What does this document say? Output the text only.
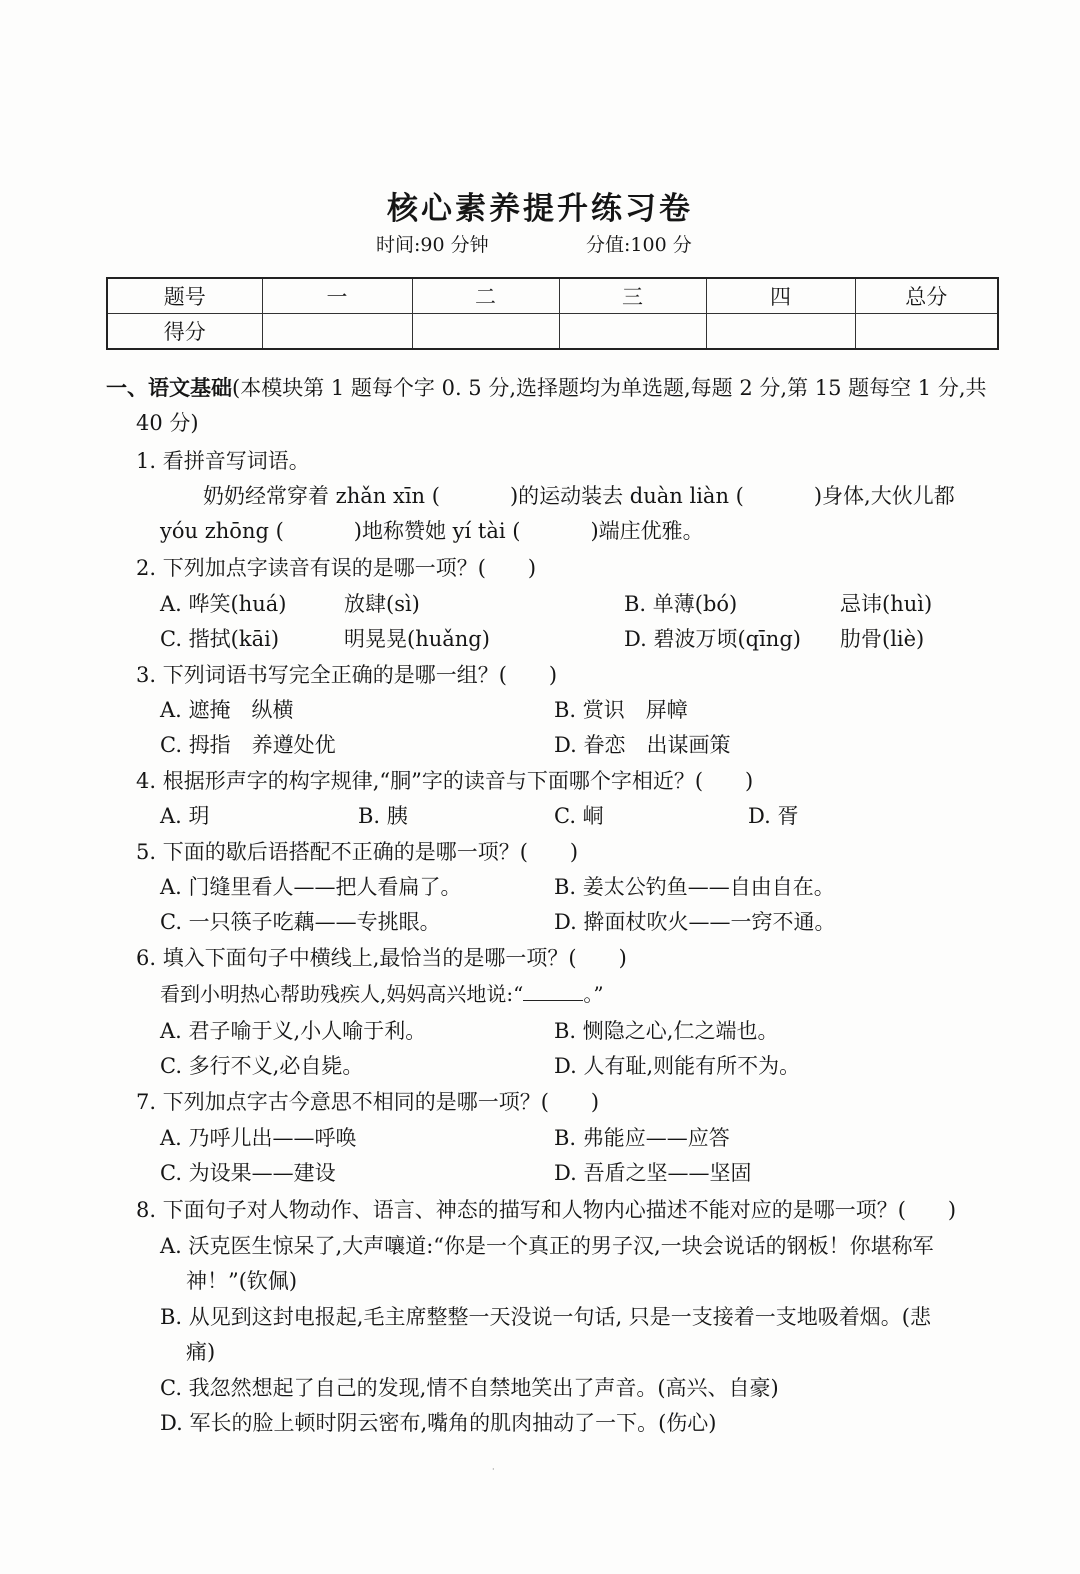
核心素养提升练习卷
时间:90 分钟	分值:100 分
题号	一	二	三	四	总分
得分					
一、语文基础(本模块第 1 题每个字 0. 5 分,选择题均为单选题,每题 2 分,第 15 题每空 1 分,共
40 分)
1. 看拼音写词语。
奶奶经常穿着 zhǎn xīn (	)的运动装去 duàn liàn (	)身体,大伙儿都
yóu zhōng (	)地称赞她 yí tài (	)端庄优雅。
2. 下列加点字读音有误的是哪一项？(　　)
A. 哗笑(huá)	放肆(sì)	B. 单薄(bó)	忌讳(huì)
C. 揩拭(kāi)	明晃晃(huǎng)	D. 碧波万顷(qīng) 肋骨(liè)
3. 下列词语书写完全正确的是哪一组？(　　)
A. 遮掩　纵横	B. 赏识　屏幛
C. 拇指　养遵处优	D. 眷恋　出谋画策
4. 根据形声字的构字规律,“胴”字的读音与下面哪个字相近？(　　)
A. 玥	B. 胰	C. 峒	D. 胥
5. 下面的歇后语搭配不正确的是哪一项？(　　)
A. 门缝里看人——把人看扁了。	B. 姜太公钓鱼——自由自在。
C. 一只筷子吃藕——专挑眼。	D. 擀面杖吹火——一窍不通。
6. 填入下面句子中横线上,最恰当的是哪一项？(　　)
看到小明热心帮助残疾人,妈妈高兴地说:“	。”
A. 君子喻于义,小人喻于利。	B. 恻隐之心,仁之端也。
C. 多行不义,必自毙。	D. 人有耻,则能有所不为。
7. 下列加点字古今意思不相同的是哪一项？(　　)
A. 乃呼儿出——呼唤	B. 弗能应——应答
C. 为设果——建设	D. 吾盾之坚——坚固
8. 下面句子对人物动作、语言、神态的描写和人物内心描述不能对应的是哪一项？(　　)
A. 沃克医生惊呆了,大声嚷道:“你是一个真正的男子汉,一块会说话的钢板！你堪称军
神！”(钦佩)
B. 从见到这封电报起,毛主席整整一天没说一句话, 只是一支接着一支地吸着烟。(悲
痛)
C. 我忽然想起了自己的发现,情不自禁地笑出了声音。(高兴、自豪)
D. 军长的脸上顿时阴云密布,嘴角的肌肉抽动了一下。(伤心)
·
